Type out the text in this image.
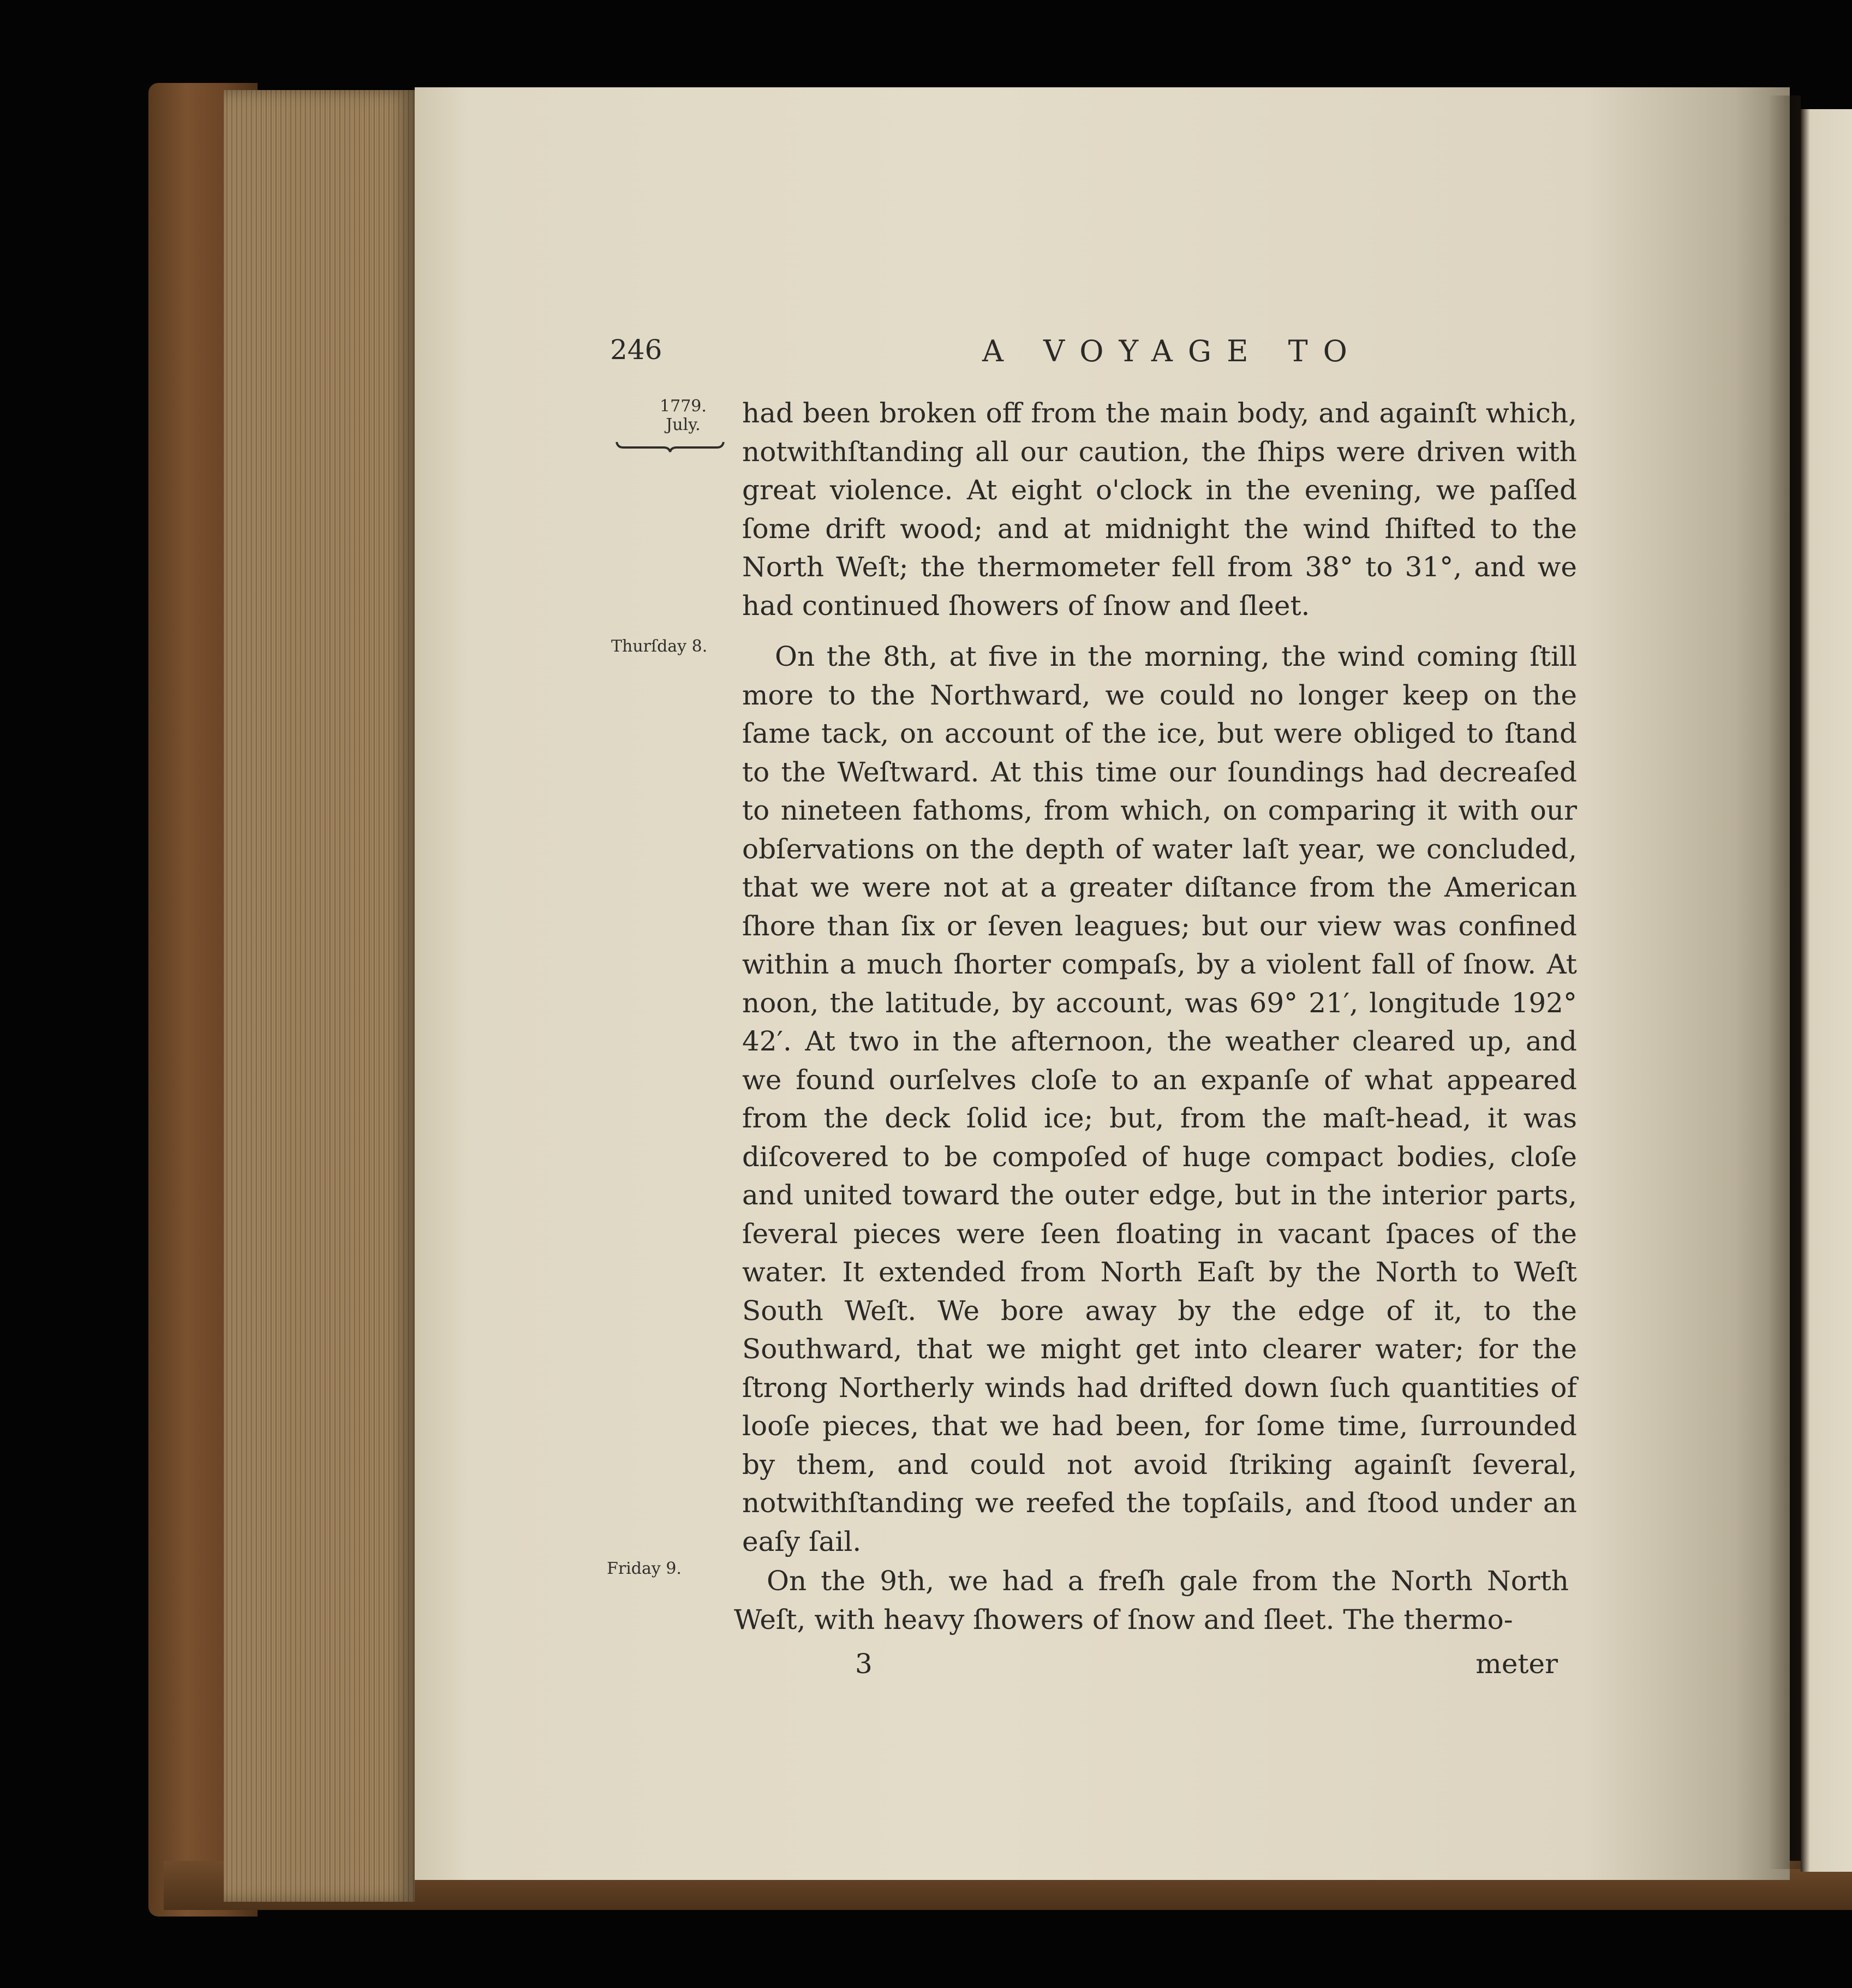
246	A VOYAGE TO
1779.
July.
Thurſday 8.
Friday 9.

had been broken off from the main body, and againſt which, notwithſtanding all our caution, the ſhips were driven with great violence. At eight o'clock in the evening, we paſſed ſome drift wood; and at midnight the wind ſhifted to the North Weſt; the thermometer fell from 38° to 31°, and we had continued ſhowers of ſnow and ſleet.

On the 8th, at five in the morning, the wind coming ſtill more to the Northward, we could no longer keep on the ſame tack, on account of the ice, but were obliged to ſtand to the Weſtward. At this time our ſoundings had decreaſed to nineteen fathoms, from which, on comparing it with our obſervations on the depth of water laſt year, we concluded, that we were not at a greater diſtance from the American ſhore than ſix or ſeven leagues; but our view was confined within a much ſhorter compaſs, by a violent fall of ſnow. At noon, the latitude, by account, was 69° 21′, longitude 192° 42′. At two in the afternoon, the weather cleared up, and we found ourſelves cloſe to an expanſe of what appeared from the deck ſolid ice; but, from the maſt-head, it was diſcovered to be compoſed of huge compact bodies, cloſe and united toward the outer edge, but in the interior parts, ſeveral pieces were ſeen floating in vacant ſpaces of the water. It extended from North Eaſt by the North to Weſt South Weſt. We bore away by the edge of it, to the Southward, that we might get into clearer water; for the ſtrong Northerly winds had drifted down ſuch quantities of looſe pieces, that we had been, for ſome time, ſurrounded by them, and could not avoid ſtriking againſt ſeveral, notwithſtanding we reefed the topſails, and ſtood under an eaſy ſail.

On the 9th, we had a freſh gale from the North North Weſt, with heavy ſhowers of ſnow and ſleet. The thermo-

3	meter
